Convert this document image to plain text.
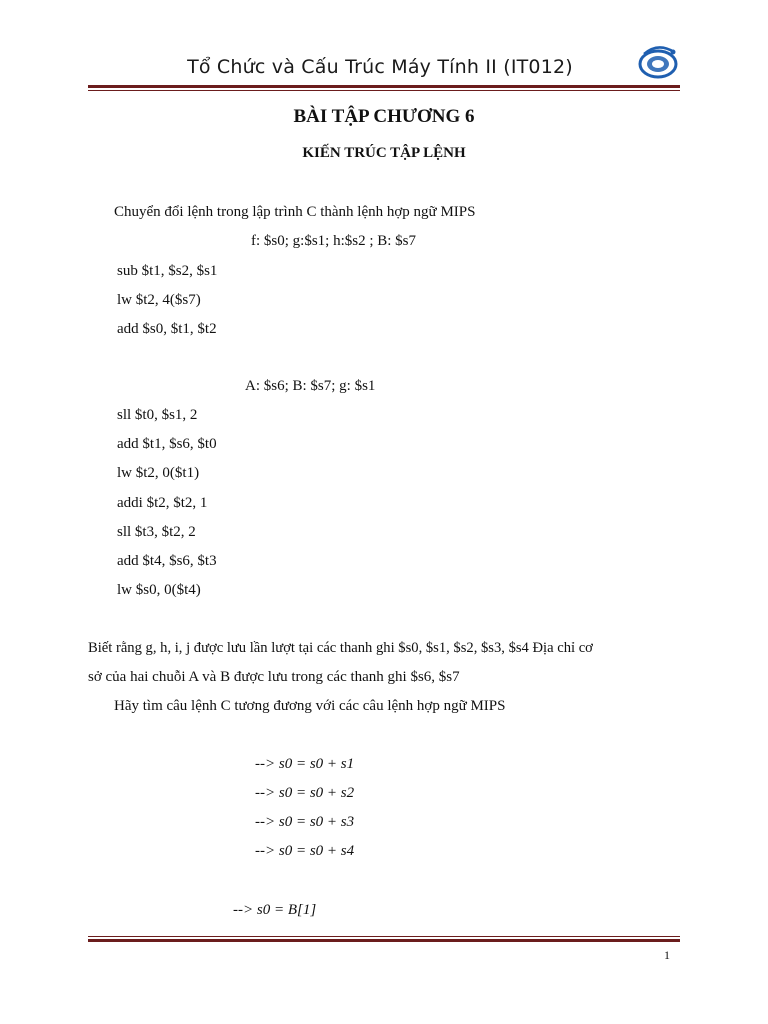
Tổ Chức và Cấu Trúc Máy Tính II (IT012)
BÀI TẬP CHƯƠNG 6
KIẾN TRÚC TẬP LỆNH
Chuyển đổi lệnh trong lập trình C thành lệnh hợp ngữ MIPS
f: $s0; g:$s1; h:$s2 ; B: $s7
sub $t1, $s2, $s1
lw $t2, 4($s7)
add $s0, $t1, $t2
A: $s6; B: $s7; g: $s1
sll $t0, $s1, 2
add $t1, $s6, $t0
lw $t2, 0($t1)
addi $t2, $t2, 1
sll $t3, $t2, 2
add $t4, $s6, $t3
lw $s0, 0($t4)
Biết rằng g, h, i, j được lưu lần lượt tại các thanh ghi $s0, $s1, $s2, $s3, $s4 Địa chỉ cơ
sở của hai chuỗi A và B được lưu trong các thanh ghi $s6, $s7
Hãy tìm câu lệnh C tương đương với các câu lệnh hợp ngữ MIPS
--> s0 = s0 + s1
--> s0 = s0 + s2
--> s0 = s0 + s3
--> s0 = s0 + s4
--> s0 = B[1]
1
